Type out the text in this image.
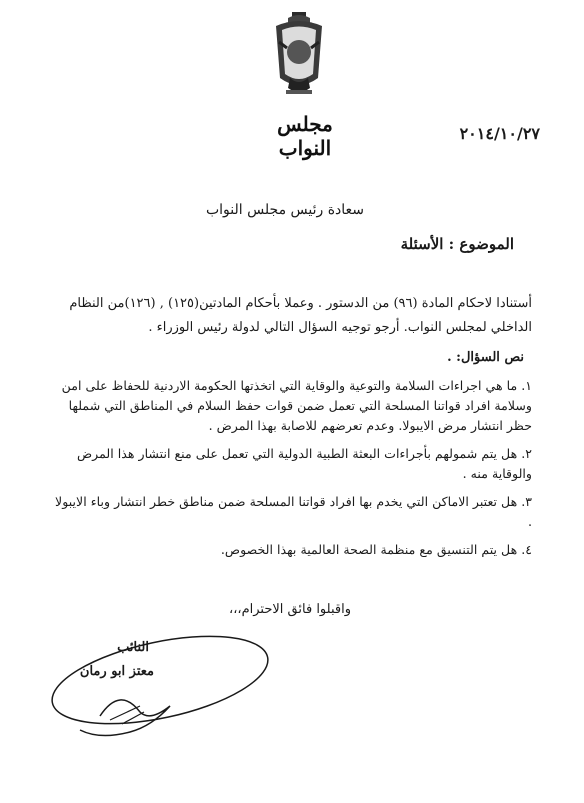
مجلس النواب
٢٠١٤/١٠/٢٧
سعادة رئيس مجلس النواب
الموضوع : الأسئلة
أستنادا لاحكام المادة (٩٦) من الدستور . وعملا بأحكام المادتين(١٢٥) , (١٢٦)من النظام الداخلي لمجلس النواب. أرجو توجيه السؤال التالي لدولة رئيس الوزراء .
نص السؤال: .
١. ما هي اجراءات السلامة والتوعية والوقاية التي اتخذتها الحكومة الاردنية للحفاظ على امن وسلامة افراد قواتنا المسلحة التي تعمل ضمن قوات حفظ السلام في المناطق التي شملها حظر انتشار مرض الايبولا. وعدم تعرضهم للاصابة بهذا المرض .
٢. هل يتم شمولهم بأجراءات البعثة الطبية الدولية التي تعمل على منع انتشار هذا المرض والوقاية منه .
٣. هل تعتبر الاماكن التي يخدم بها افراد قواتنا المسلحة ضمن مناطق خطر انتشار وباء الايبولا .
٤. هل يتم التنسيق مع منظمة الصحة العالمية بهذا الخصوص.
واقبلوا فائق الاحترام،،،
النائب
معتز ابو رمان
